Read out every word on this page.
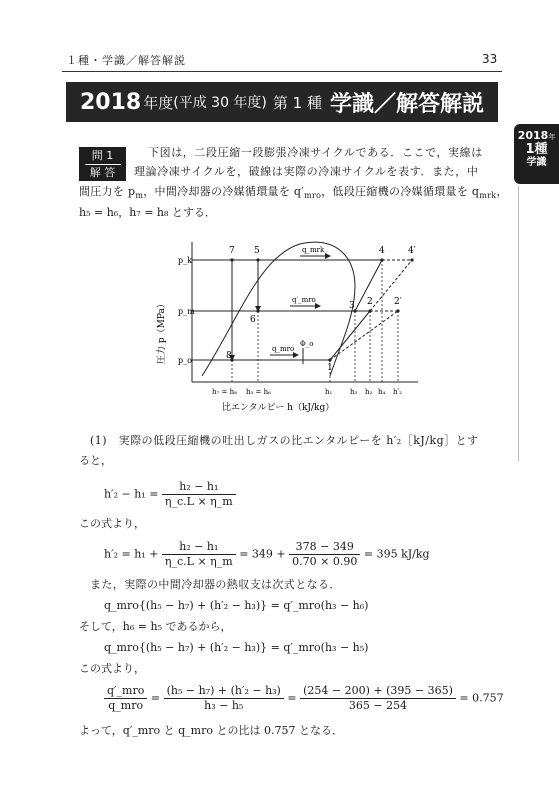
１種・学識／解答解説	33
2018 年度 (平成 30 年度) 第 1 種 学識／解答解説
2018年
1種
学識
問 1
解 答
下図は，二段圧縮一段膨張冷凍サイクルである．ここで，実線は
理論冷凍サイクルを，破線は実際の冷凍サイクルを表す．また，中
間圧力を $p_m$，中間冷却器の冷媒循環量を $q'_{mro}$，低段圧縮機の冷媒循環量を $q_{mrk}$，
h₅ = h₆，h₇ = h₈ とする．
p_k
p_m
p_o
7 5	4	4′
3 2 2′
6
8
1
q_mrk
q′_mro
q_mro
Φ_o
h₇ = h₈ h₅ = h₆	h₁	h₃ h₂ h₄ h′₂
比エンタルピー h（kJ/kg）
圧力 p（MPa）
(1)　実際の低段圧縮機の吐出しガスの比エンタルピーを h′₂［kJ/kg］とす
ると，
$h'_2 - h_1 = \frac{\text{h₂ − h₁}}{\eta\_c.L \times \eta\_m}$
この式より，
$h'_2 = h_1 + \frac{\text{h₂ − h₁}}{\eta\_c.L \times \eta\_m} = 349 + \frac{378 - 349}{0.70 \times 0.90} = 395$ kJ/kg
また，実際の中間冷却器の熱収支は次式となる．
q_mro{(h₅ − h₇) + (h′₂ − h₃)} = q′_mro(h₃ − h₆)
そして，h₆ = h₅ であるから，
q_mro{(h₅ − h₇) + (h′₂ − h₃)} = q′_mro(h₃ − h₅)
この式より，
$\frac{\text{q′\_mro}}{\text{q\_mro}} = \frac{\text{(h₅ − h₇) + (h′₂ − h₃)}}{\text{h₃ − h₅}} = \frac{(254 - 200) + (395 - 365)}{365 - 254} = 0.757$
よって，q′_mro と q_mro との比は 0.757 となる．
